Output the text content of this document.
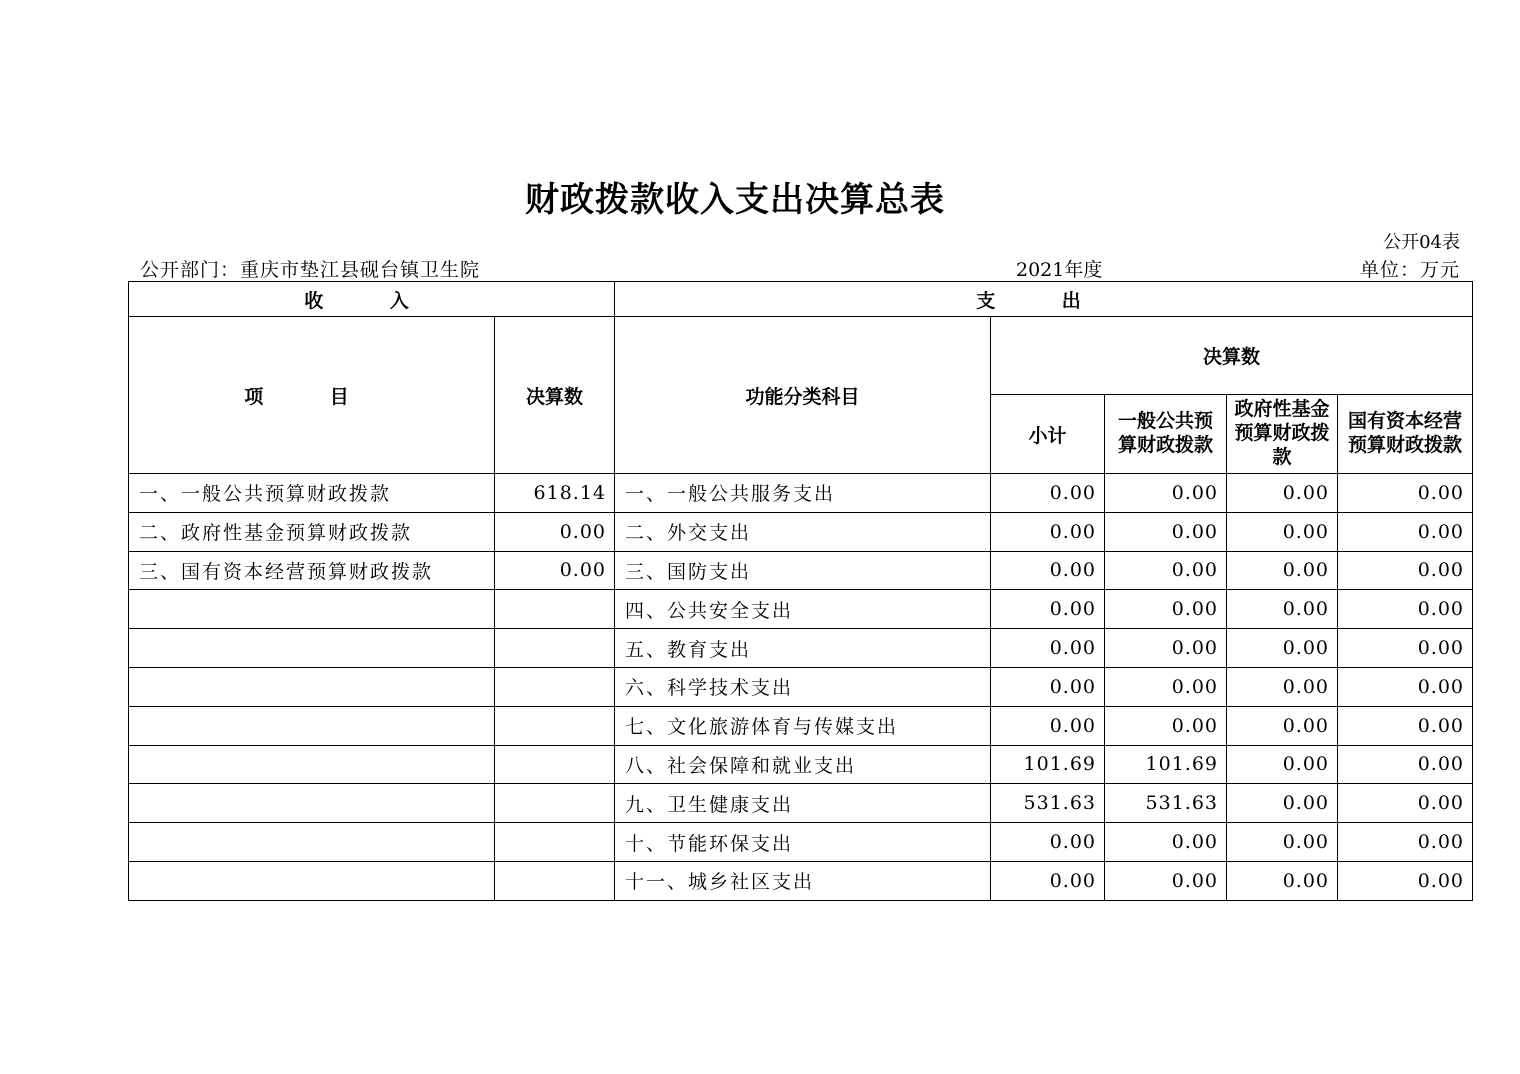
财政拨款收入支出决算总表
公开04表
公开部门：重庆市垫江县砚台镇卫生院	2021年度	单位：万元
收 入		支 出				
项 目	决算数	功能分类科目	决算数			
			小计	一般公共预算财政拨款	政府性基金预算财政拨款	国有资本经营预算财政拨款
一、一般公共预算财政拨款	618.14	一、一般公共服务支出	0.00	0.00	0.00	0.00
二、政府性基金预算财政拨款	0.00	二、外交支出	0.00	0.00	0.00	0.00
三、国有资本经营预算财政拨款	0.00	三、国防支出	0.00	0.00	0.00	0.00
		四、公共安全支出	0.00	0.00	0.00	0.00
		五、教育支出	0.00	0.00	0.00	0.00
		六、科学技术支出	0.00	0.00	0.00	0.00
		七、文化旅游体育与传媒支出	0.00	0.00	0.00	0.00
		八、社会保障和就业支出	101.69	101.69	0.00	0.00
		九、卫生健康支出	531.63	531.63	0.00	0.00
		十、节能环保支出	0.00	0.00	0.00	0.00
		十一、城乡社区支出	0.00	0.00	0.00	0.00
